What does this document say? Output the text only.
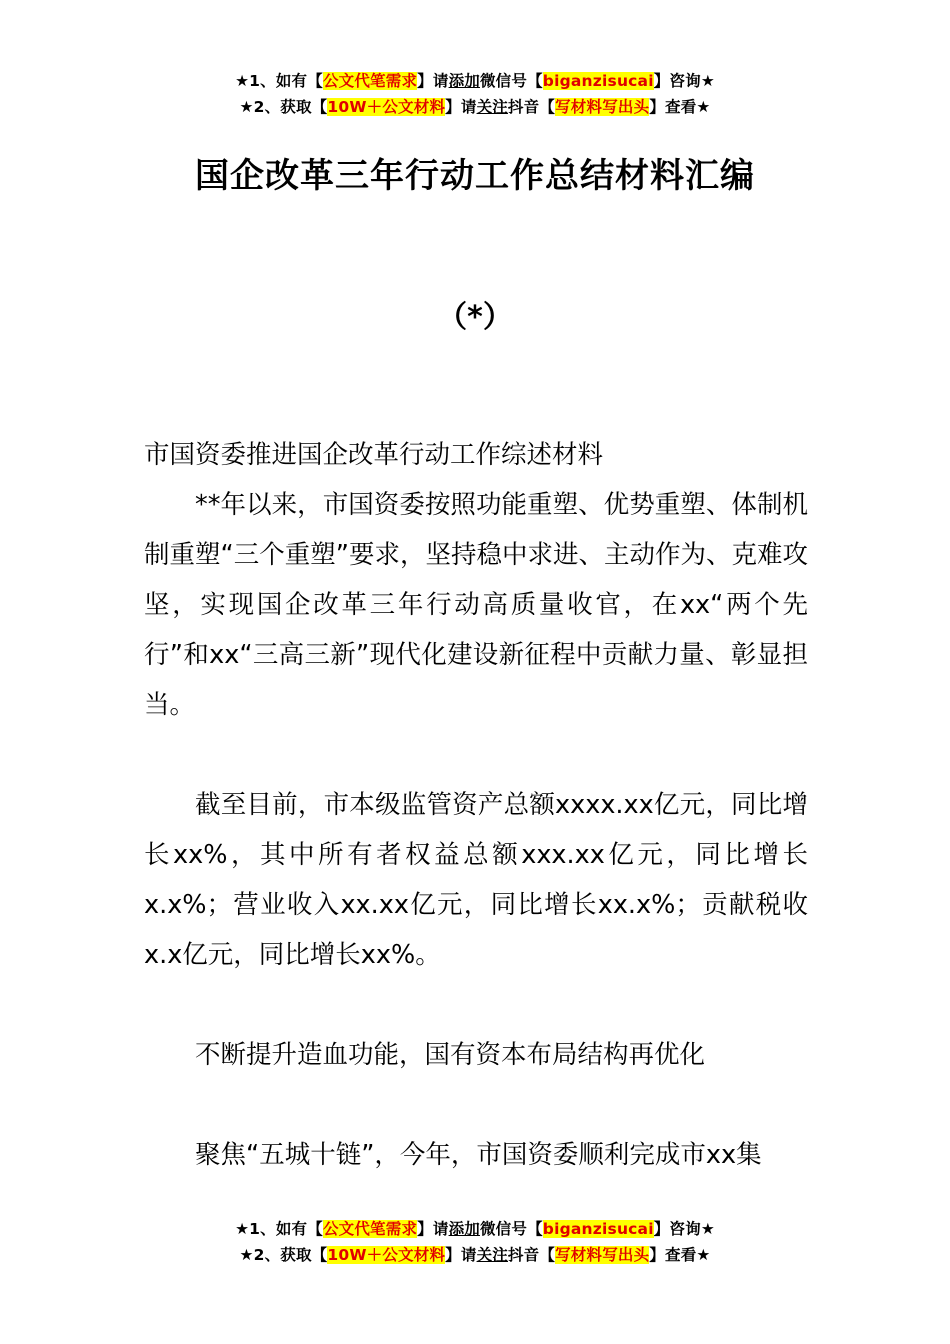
★1、如有【公文代笔需求】请添加微信号【biganzisucai】咨询★
★2、获取【10W＋公文材料】请关注抖音【写材料写出头】查看★
国企改革三年行动工作总结材料汇编
（*）

市国资委推进国企改革行动工作综述材料

**年以来，市国资委按照功能重塑、优势重塑、体制机制重塑“三个重塑”要求，坚持稳中求进、主动作为、克难攻坚，实现国企改革三年行动高质量收官，在xx“两个先行”和xx“三高三新”现代化建设新征程中贡献力量、彰显担当。

截至目前，市本级监管资产总额xxxx.xx亿元，同比增长xx%，其中所有者权益总额xxx.xx亿元，同比增长x.x%；营业收入xx.xx亿元，同比增长xx.x%；贡献税收x.x亿元，同比增长xx%。

不断提升造血功能，国有资本布局结构再优化

聚焦“五城十链”，今年，市国资委顺利完成市xx集

★1、如有【公文代笔需求】请添加微信号【biganzisucai】咨询★
★2、获取【10W＋公文材料】请关注抖音【写材料写出头】查看★
